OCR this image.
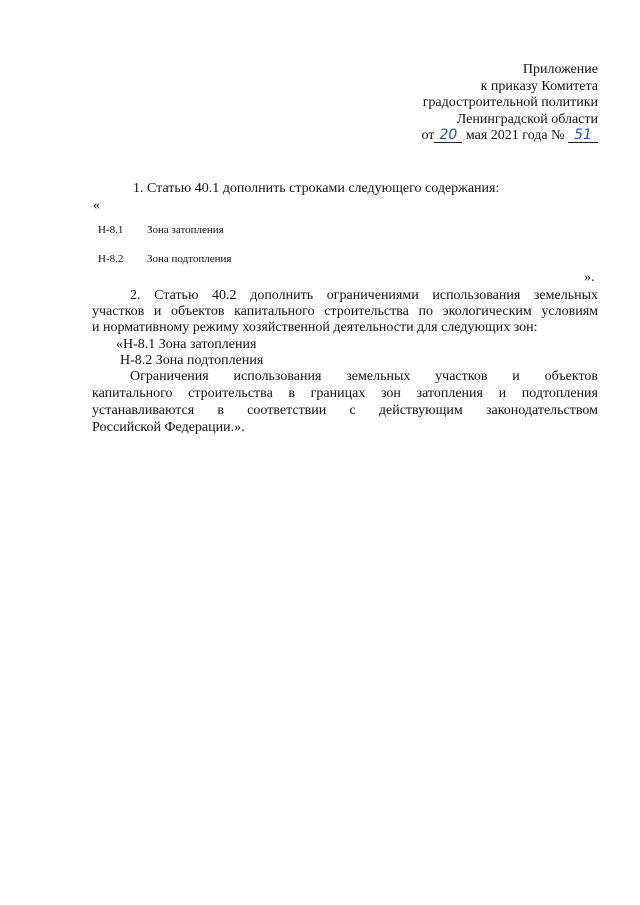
Приложение
к приказу Комитета
градостроительной политики
Ленинградской области
от 20 мая 2021 года № 51
1. Статью 40.1 дополнить строками следующего содержания:
«
Н-8.1 Зона затопления
Н-8.2 Зона подтопления
».
2. Статью 40.2 дополнить ограничениями использования земельных
участков и объектов капитального строительства по экологическим условиям
и нормативному режиму хозяйственной деятельности для следующих зон:
«Н-8.1 Зона затопления
Н-8.2 Зона подтопления
Ограничения использования земельных участков и объектов
капитального строительства в границах зон затопления и подтопления
устанавливаются в соответствии с действующим законодательством
Российской Федерации.».
